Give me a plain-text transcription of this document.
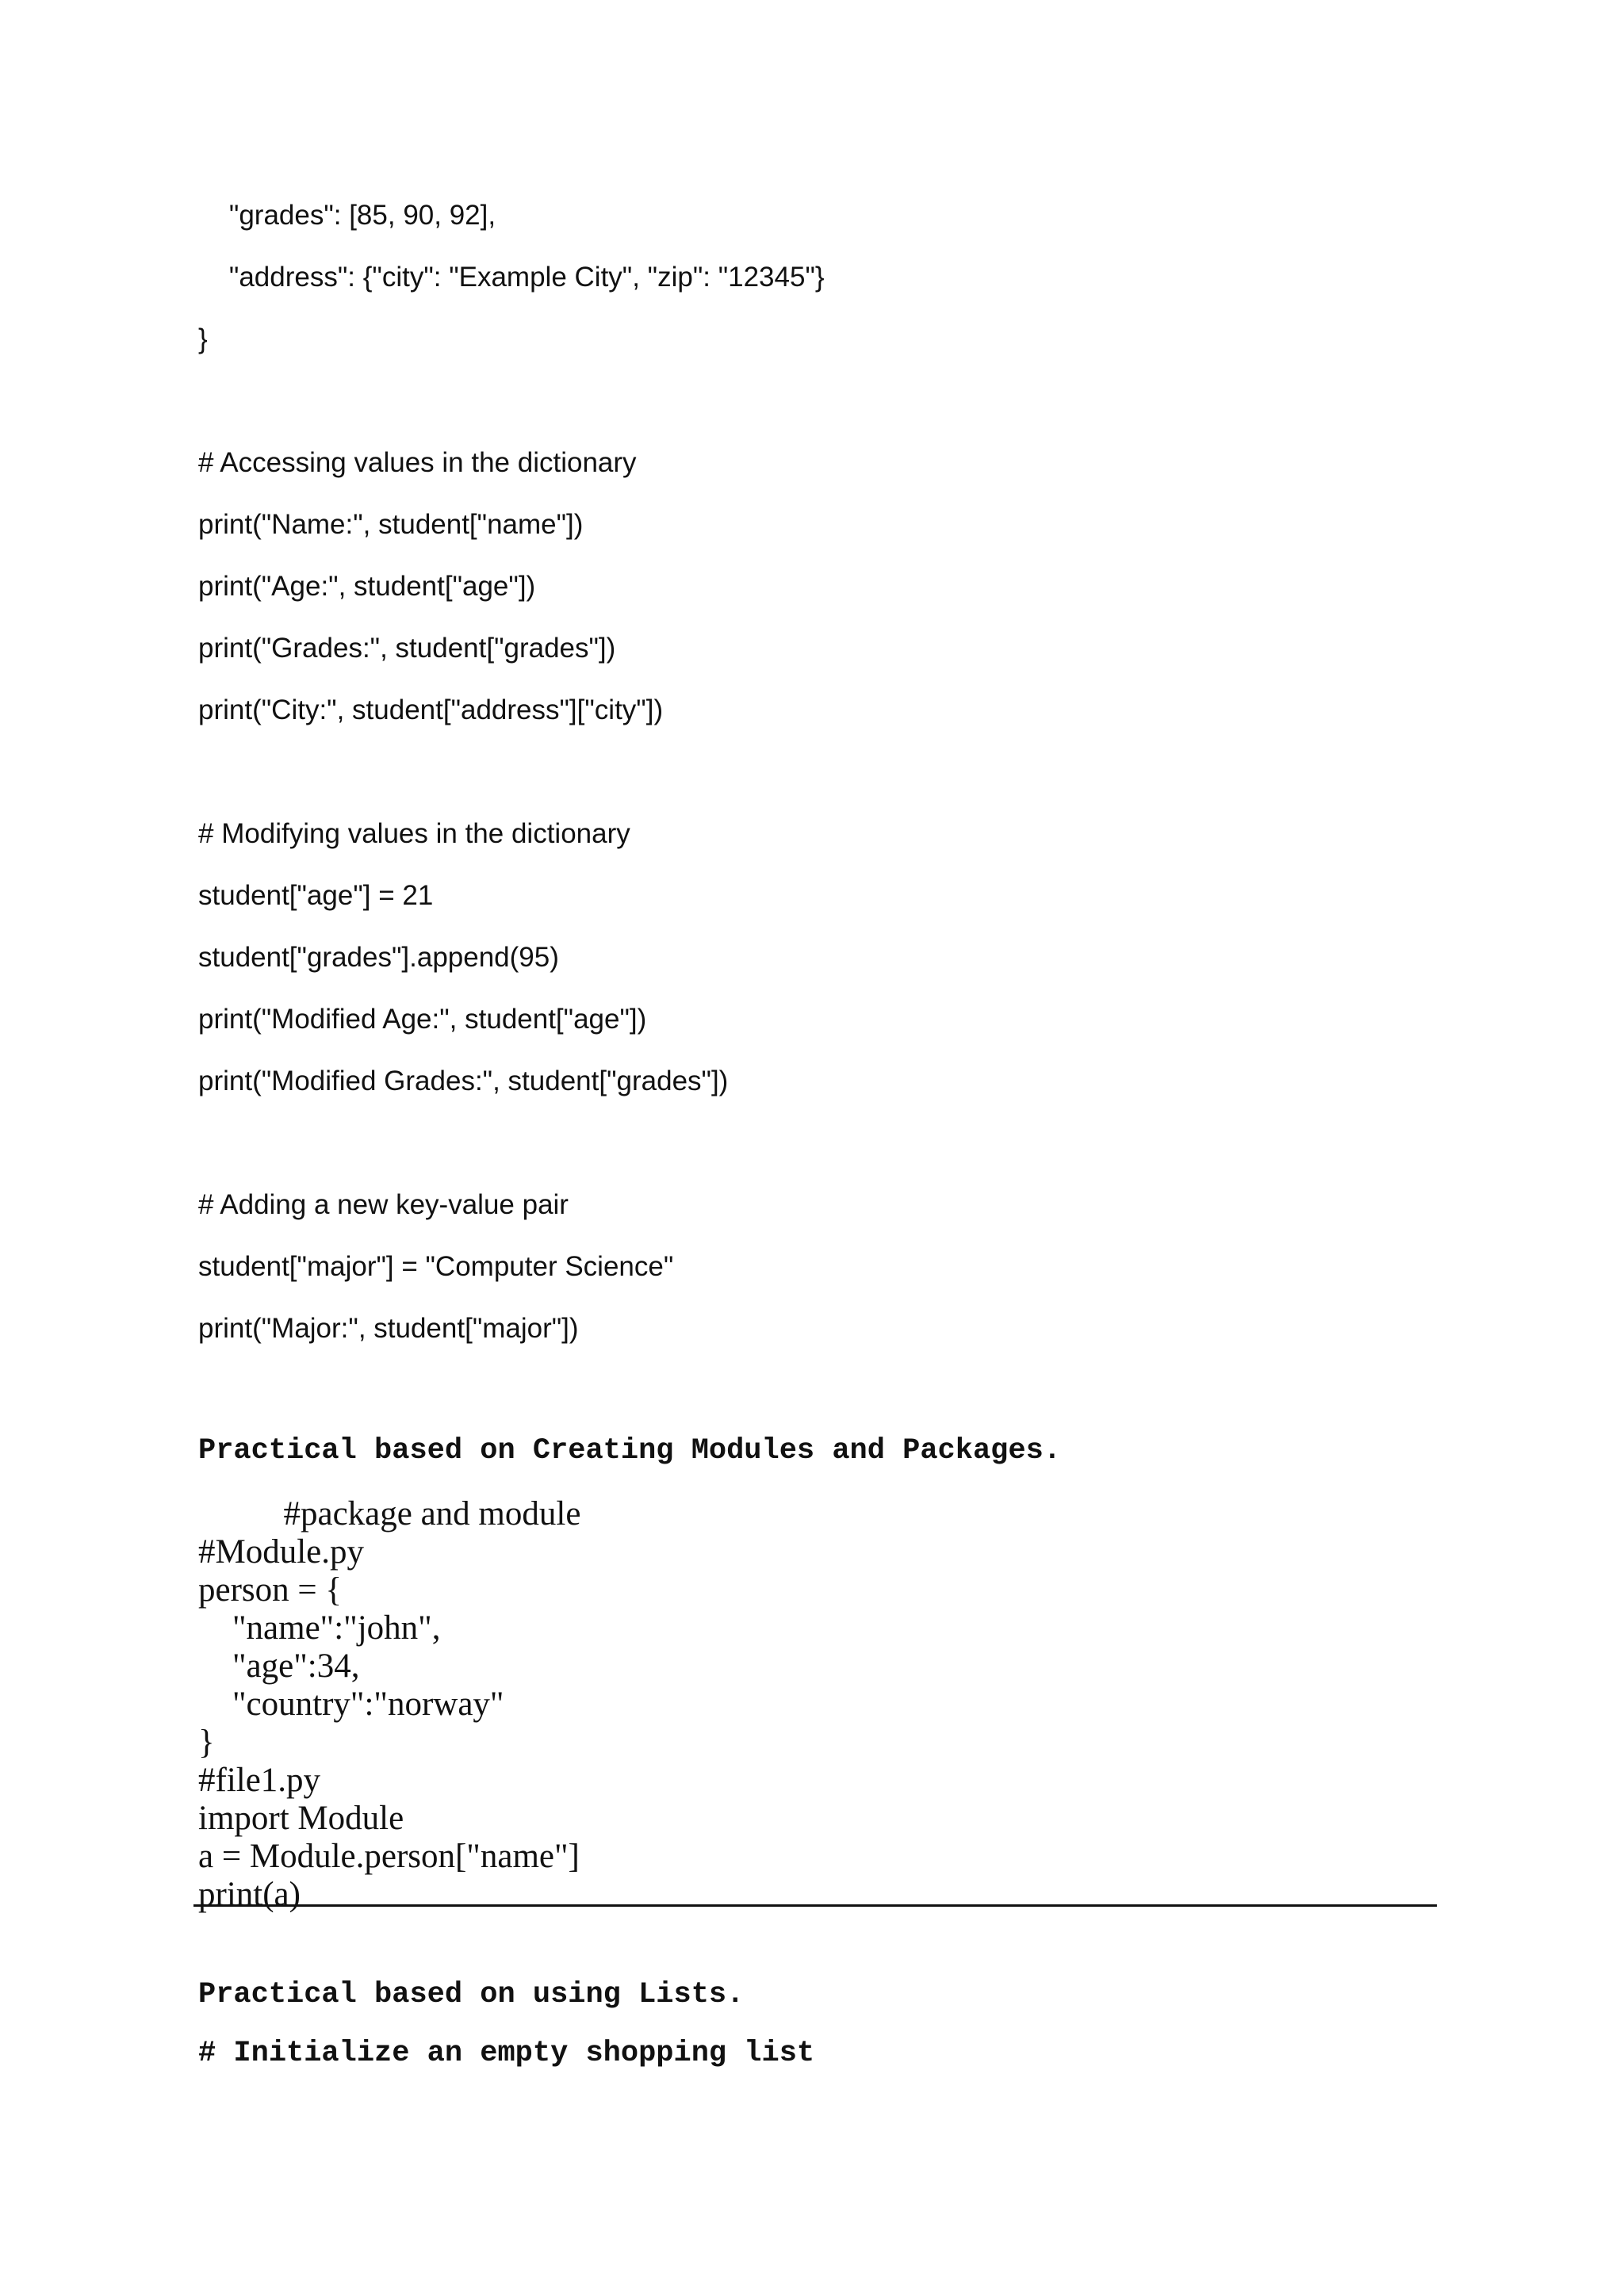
"grades": [85, 90, 92],
"address": {"city": "Example City", "zip": "12345"}
}
# Accessing values in the dictionary
print("Name:", student["name"])
print("Age:", student["age"])
print("Grades:", student["grades"])
print("City:", student["address"]["city"])
# Modifying values in the dictionary
student["age"] = 21
student["grades"].append(95)
print("Modified Age:", student["age"])
print("Modified Grades:", student["grades"])
# Adding a new key-value pair
student["major"] = "Computer Science"
print("Major:", student["major"])
Practical based on Creating Modules and Packages.
#package and module
#Module.py
person = {
"name":"john",
"age":34,
"country":"norway"
}
#file1.py
import Module
a = Module.person["name"]
print(a)
Practical based on using Lists.
# Initialize an empty shopping list
